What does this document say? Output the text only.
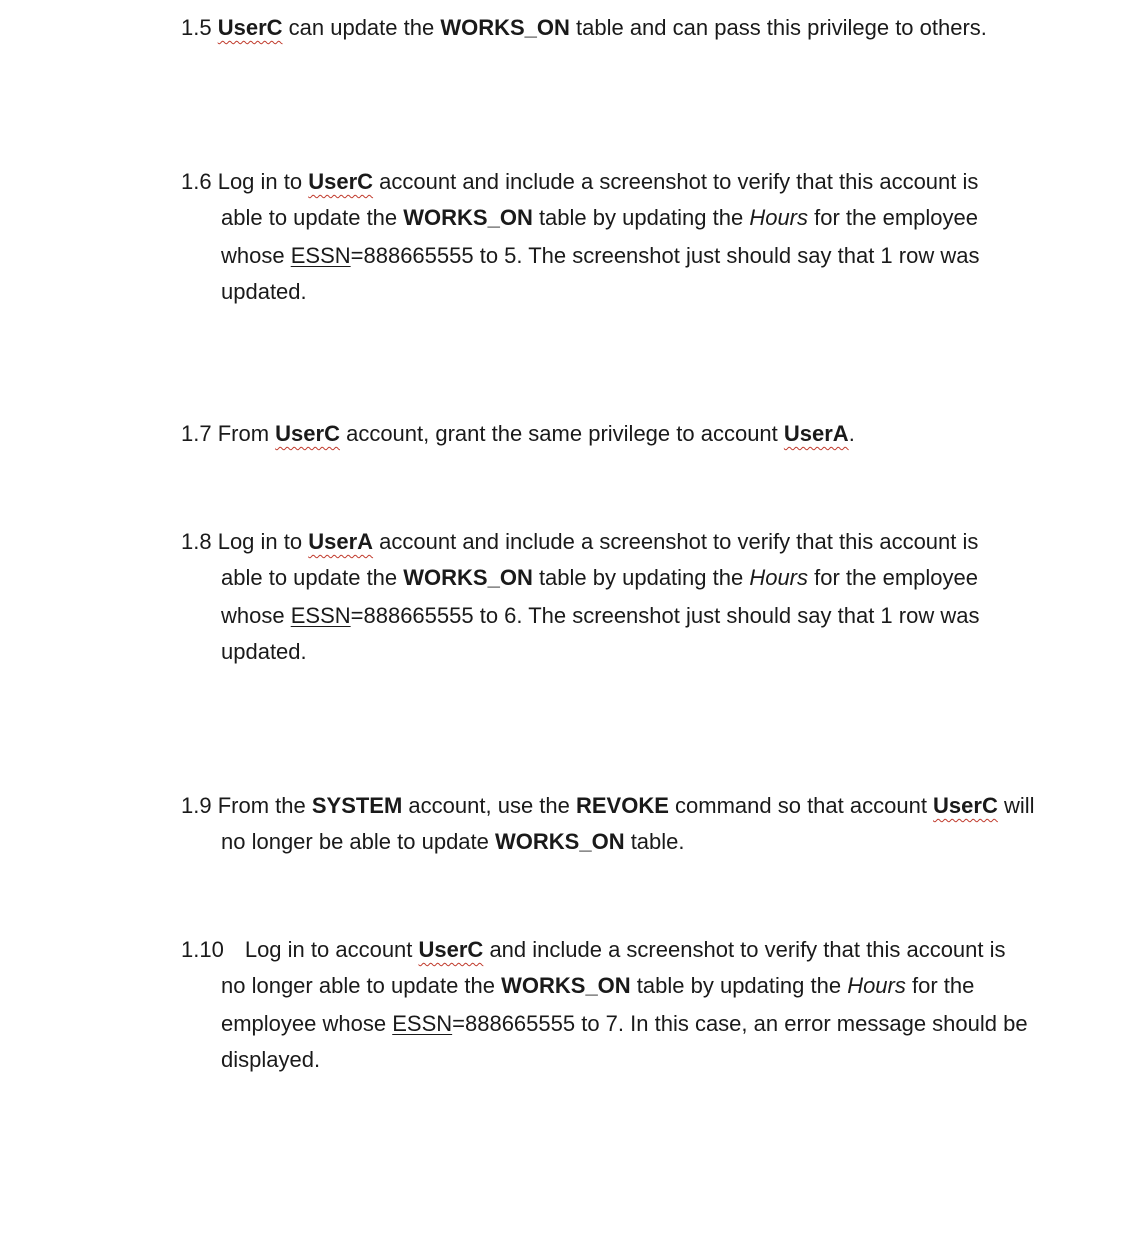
1.5 UserC can update the WORKS_ON table and can pass this privilege to others.
1.6 Log in to UserC account and include a screenshot to verify that this account is
able to update the WORKS_ON table by updating the Hours for the employee
whose ESSN=888665555 to 5. The screenshot just should say that 1 row was
updated.
1.7 From UserC account, grant the same privilege to account UserA.
1.8 Log in to UserA account and include a screenshot to verify that this account is
able to update the WORKS_ON table by updating the Hours for the employee
whose ESSN=888665555 to 6. The screenshot just should say that 1 row was
updated.
1.9 From the SYSTEM account, use the REVOKE command so that account UserC will
no longer be able to update WORKS_ON table.
1.10 Log in to account UserC and include a screenshot to verify that this account is
no longer able to update the WORKS_ON table by updating the Hours for the
employee whose ESSN=888665555 to 7. In this case, an error message should be
displayed.
